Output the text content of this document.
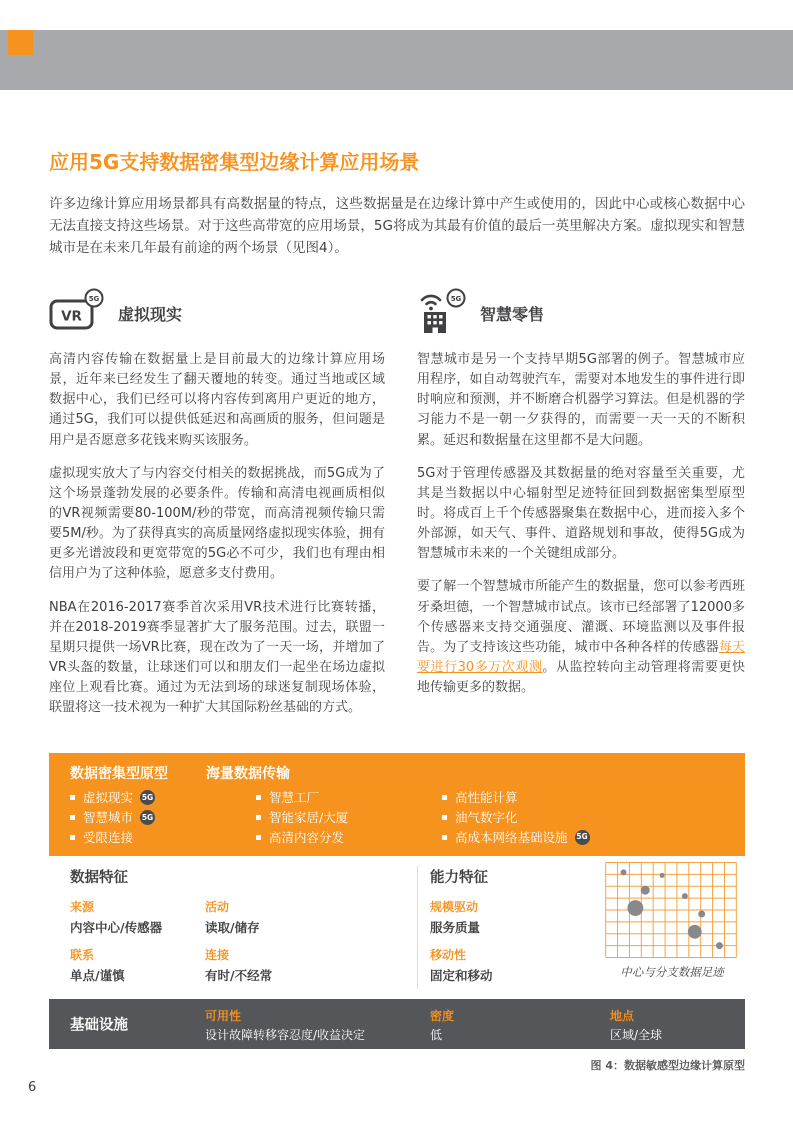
应用5G支持数据密集型边缘计算应用场景

许多边缘计算应用场景都具有高数据量的特点，这些数据量是在边缘计算中产生或使用的，因此中心或核心数据中心无法直接支持这些场景。对于这些高带宽的应用场景，5G将成为其最有价值的最后一英里解决方案。虚拟现实和智慧城市是在未来几年最有前途的两个场景（见图4）。

VR
5G
虚拟现实

高清内容传输在数据量上是目前最大的边缘计算应用场景，近年来已经发生了翻天覆地的转变。通过当地或区域数据中心，我们已经可以将内容传到离用户更近的地方，通过5G，我们可以提供低延迟和高画质的服务，但问题是用户是否愿意多花钱来购买该服务。

虚拟现实放大了与内容交付相关的数据挑战，而5G成为了这个场景蓬勃发展的必要条件。传输和高清电视画质相似的VR视频需要80-100M/秒的带宽，而高清视频传输只需要5M/秒。为了获得真实的高质量网络虚拟现实体验，拥有更多光谱波段和更宽带宽的5G必不可少，我们也有理由相信用户为了这种体验，愿意多支付费用。

NBA在2016-2017赛季首次采用VR技术进行比赛转播，并在2018-2019赛季显著扩大了服务范围。过去，联盟一星期只提供一场VR比赛，现在改为了一天一场，并增加了VR头盔的数量，让球迷们可以和朋友们一起坐在场边虚拟座位上观看比赛。通过为无法到场的球迷复制现场体验，联盟将这一技术视为一种扩大其国际粉丝基础的方式。

5G
智慧零售

智慧城市是另一个支持早期5G部署的例子。智慧城市应用程序，如自动驾驶汽车，需要对本地发生的事件进行即时响应和预测，并不断磨合机器学习算法。但是机器的学习能力不是一朝一夕获得的，而需要一天一天的不断积累。延迟和数据量在这里都不是大问题。

5G对于管理传感器及其数据量的绝对容量至关重要，尤其是当数据以中心辐射型足迹特征回到数据密集型原型时。将成百上千个传感器聚集在数据中心，进而接入多个外部源，如天气、事件、道路规划和事故，使得5G成为智慧城市未来的一个关键组成部分。

要了解一个智慧城市所能产生的数据量，您可以参考西班牙桑坦德，一个智慧城市试点。该市已经部署了12000多个传感器来支持交通强度、灌溉、环境监测以及事件报告。为了支持该这些功能，城市中各种各样的传感器每天要进行30多万次观测。从监控转向主动管理将需要更快地传输更多的数据。

数据密集型原型	海量数据传输
虚拟现实 5G
智慧城市 5G
受限连接
智慧工厂
智能家居/大厦
高清内容分发
高性能计算
油气数字化
高成本网络基础设施 5G
数据特征
来源
内容中心/传感器
活动
读取/储存
联系
单点/谨慎
连接
有时/不经常
能力特征
规模驱动
服务质量
移动性
固定和移动	中心与分支数据足迹
基础设施
可用性
设计故障转移容忍度/收益决定
密度
低
地点
区域/全球
图 4：数据敏感型边缘计算原型
6
